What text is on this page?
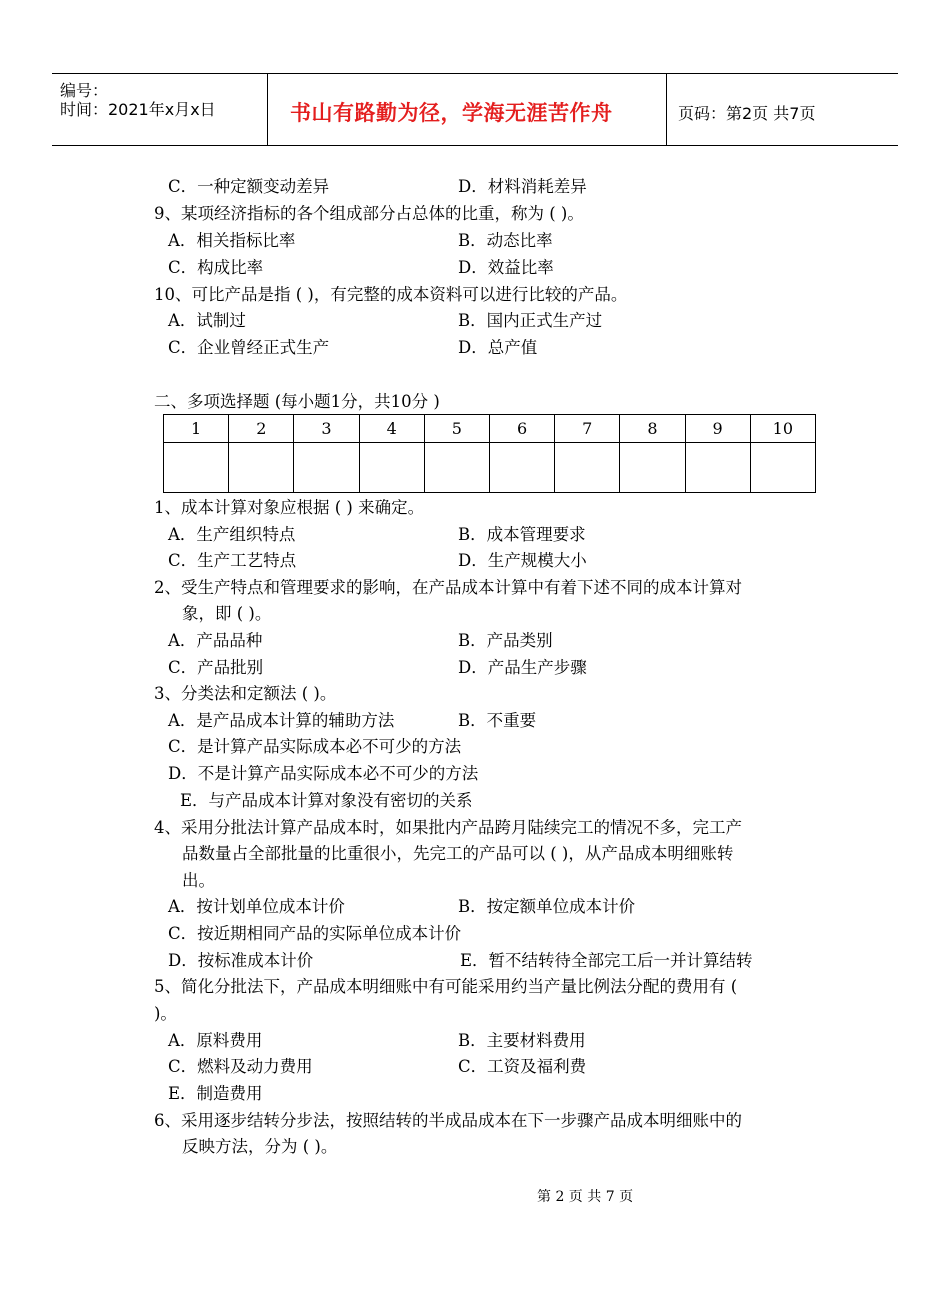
编号：
时间：2021年x月x日	书山有路勤为径，学海无涯苦作舟	页码：第2页 共7页
C．一种定额变动差异	D．材料消耗差异
9、某项经济指标的各个组成部分占总体的比重，称为 ( )。
A．相关指标比率	B．动态比率
C．构成比率	D．效益比率
10、可比产品是指 ( )，有完整的成本资料可以进行比较的产品。
A．试制过	B．国内正式生产过
C．企业曾经正式生产	D．总产值
二、多项选择题 (每小题1分，共10分 )
1	2	3	4	5	6	7	8	9	10

1、成本计算对象应根据 ( ) 来确定。
A．生产组织特点	B．成本管理要求
C．生产工艺特点	D．生产规模大小
2、受生产特点和管理要求的影响，在产品成本计算中有着下述不同的成本计算对
象，即 ( )。
A．产品品种	B．产品类别
C．产品批别	D．产品生产步骤
3、分类法和定额法 ( )。
A．是产品成本计算的辅助方法	B．不重要
C．是计算产品实际成本必不可少的方法
D．不是计算产品实际成本必不可少的方法
E．与产品成本计算对象没有密切的关系
4、采用分批法计算产品成本时，如果批内产品跨月陆续完工的情况不多，完工产
品数量占全部批量的比重很小，先完工的产品可以 ( )，从产品成本明细账转
出。
A．按计划单位成本计价	B．按定额单位成本计价
C．按近期相同产品的实际单位成本计价
D．按标准成本计价	E．暂不结转待全部完工后一并计算结转
5、简化分批法下，产品成本明细账中有可能采用约当产量比例法分配的费用有 (
)。
A．原料费用	B．主要材料费用
C．燃料及动力费用	C．工资及福利费
E．制造费用
6、采用逐步结转分步法，按照结转的半成品成本在下一步骤产品成本明细账中的
反映方法，分为 ( )。
第 2 页 共 7 页
